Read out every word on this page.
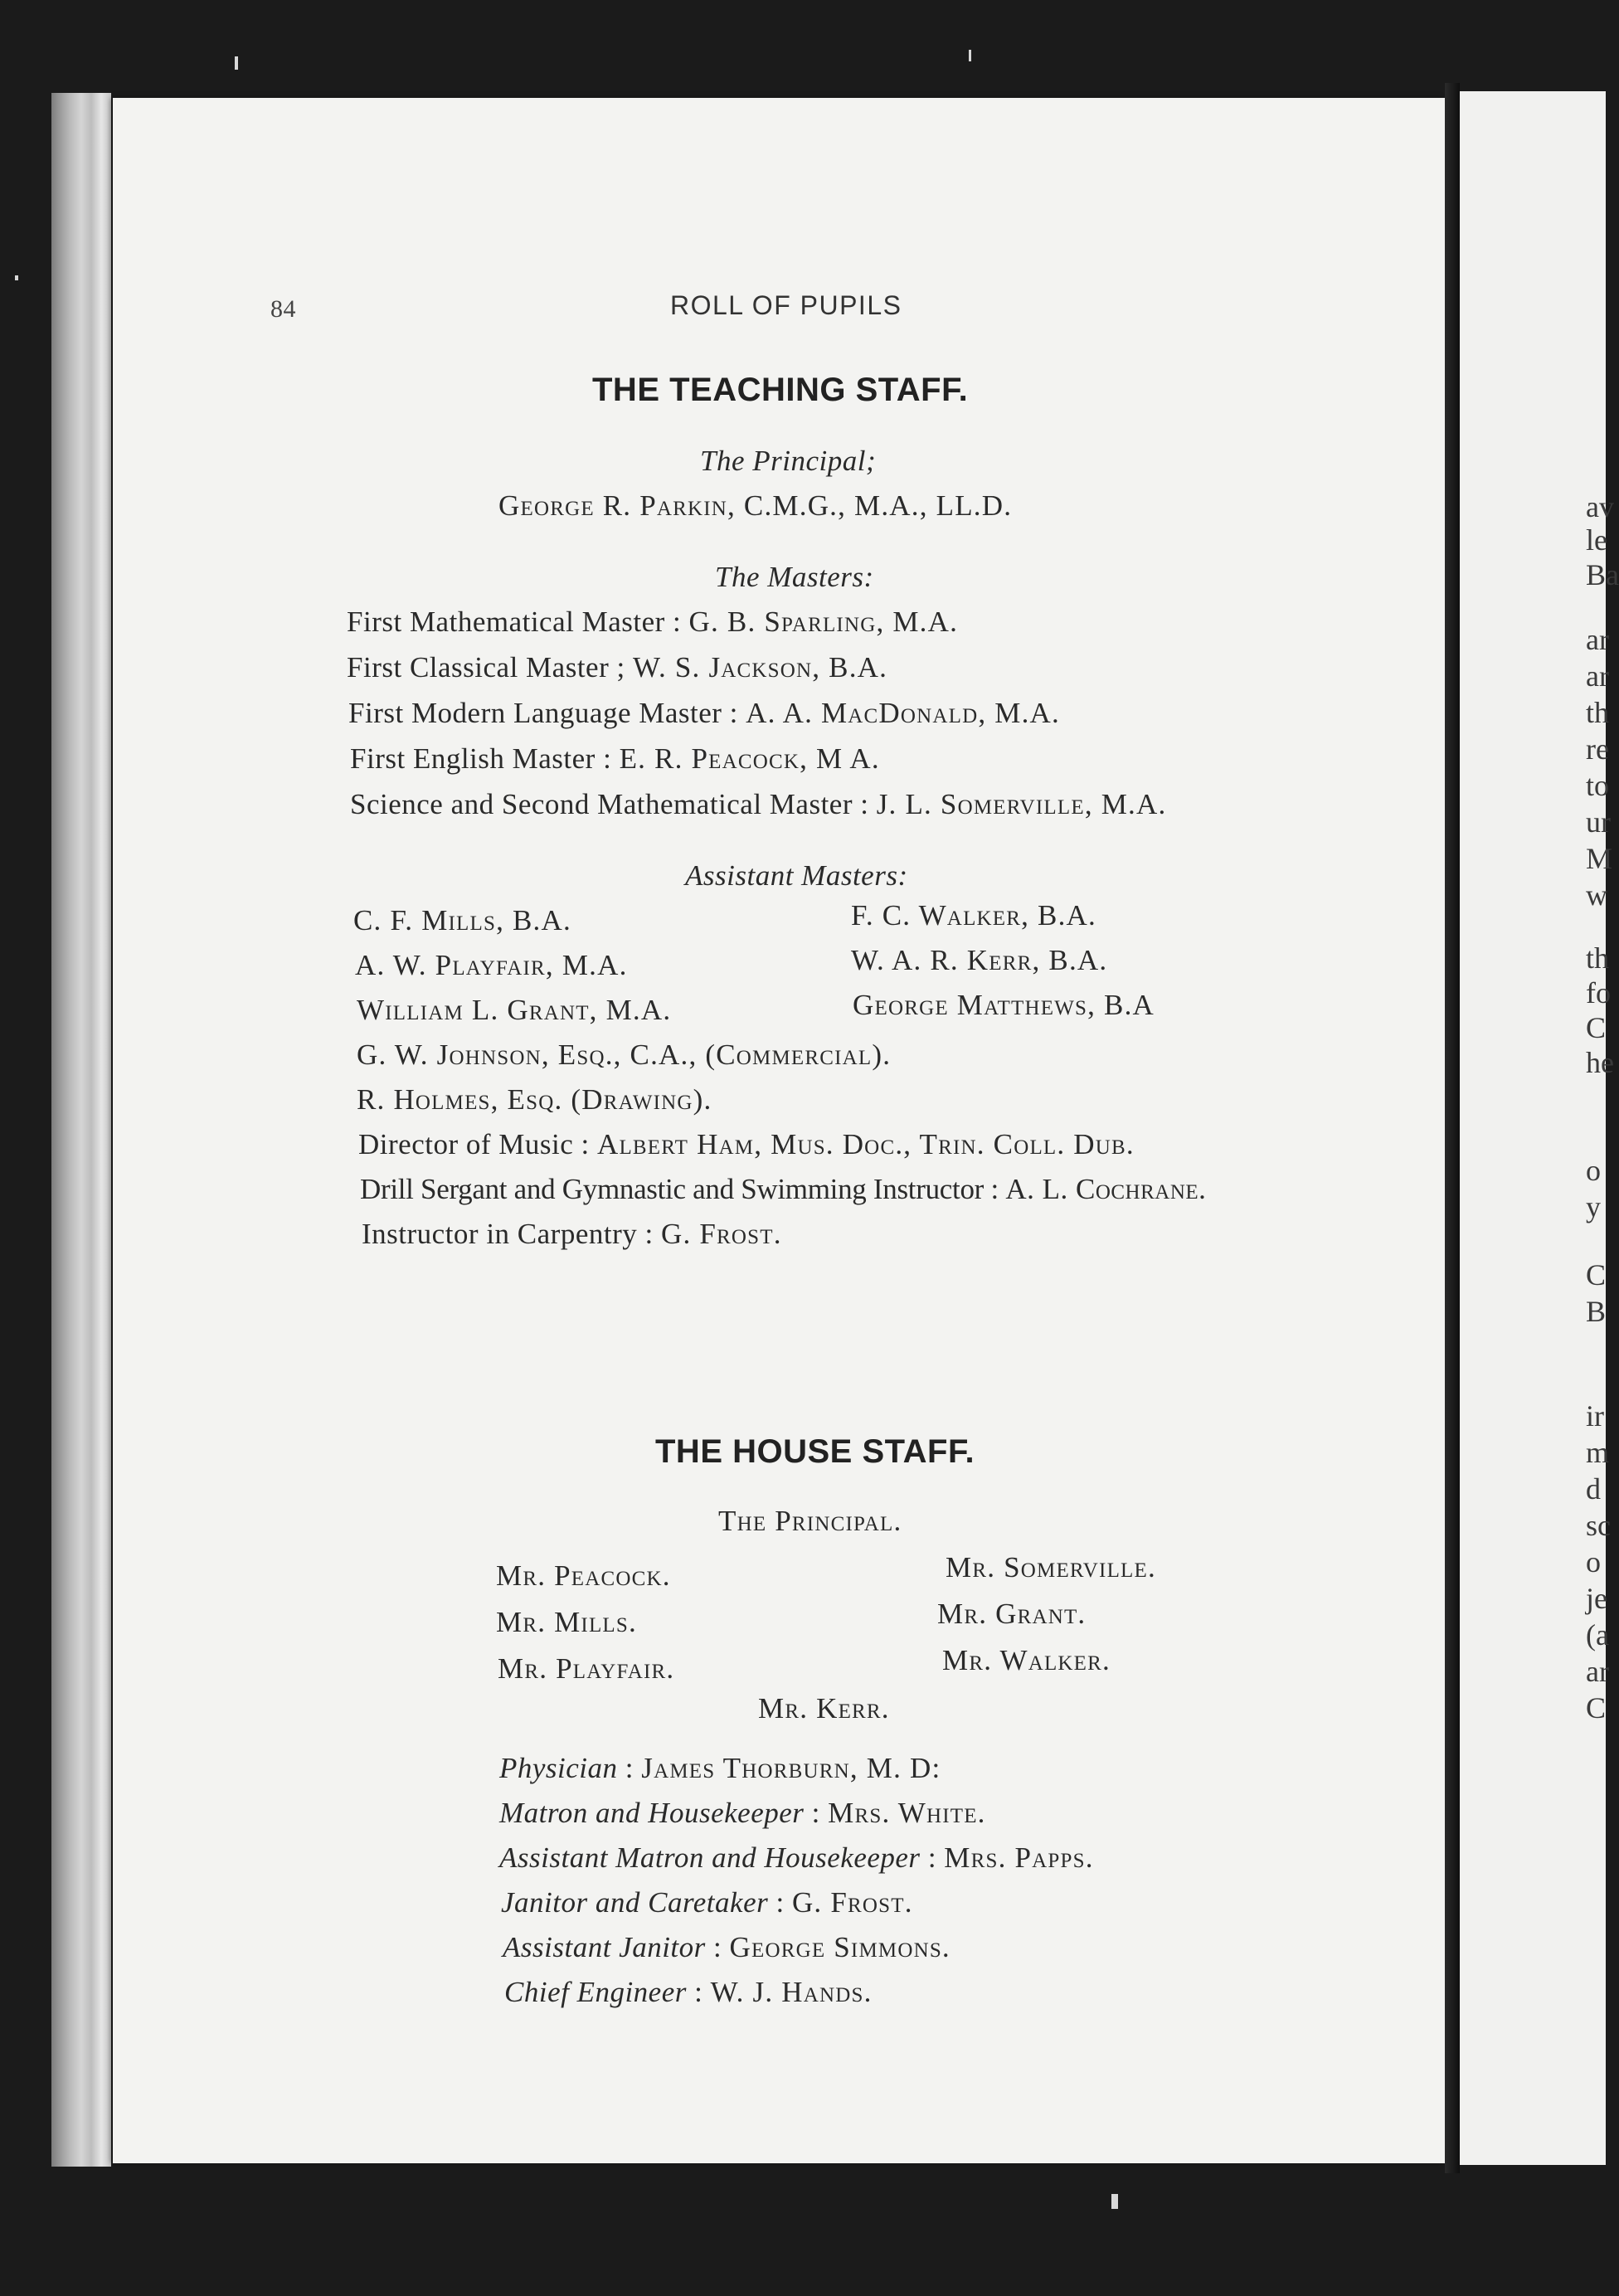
av
le
Ba
ar
ar
th
re
to
ur
M
w
th
fo
C
he
o
y
C
B
ir
m
d
sc
o
je
(a
ar
C
84	ROLL OF PUPILS
THE TEACHING STAFF.
The Principal;
George R. Parkin, C.M.G., M.A., LL.D.
The Masters:
First Mathematical Master : G. B. Sparling, M.A.
First Classical Master ; W. S. Jackson, B.A.
First Modern Language Master : A. A. MacDonald, M.A.
First English Master : E. R. Peacock, M A.
Science and Second Mathematical Master : J. L. Somerville, M.A.
Assistant Masters:
C. F. Mills, B.A.	F. C. Walker, B.A.
A. W. Playfair, M.A.	W. A. R. Kerr, B.A.
William L. Grant, M.A.	George Matthews, B.A
G. W. Johnson, Esq., C.A., (Commercial).
R. Holmes, Esq. (Drawing).
Director of Music : Albert Ham, Mus. Doc., Trin. Coll. Dub.
Drill Sergant and Gymnastic and Swimming Instructor : A. L. Cochrane.
Instructor in Carpentry : G. Frost.
THE HOUSE STAFF.
The Principal.
Mr. Peacock.	Mr. Somerville.
Mr. Mills.	Mr. Grant.
Mr. Playfair.	Mr. Walker.
Mr. Kerr.
Physician : James Thorburn, M. D:
Matron and Housekeeper : Mrs. White.
Assistant Matron and Housekeeper : Mrs. Papps.
Janitor and Caretaker : G. Frost.
Assistant Janitor : George Simmons.
Chief Engineer : W. J. Hands.
